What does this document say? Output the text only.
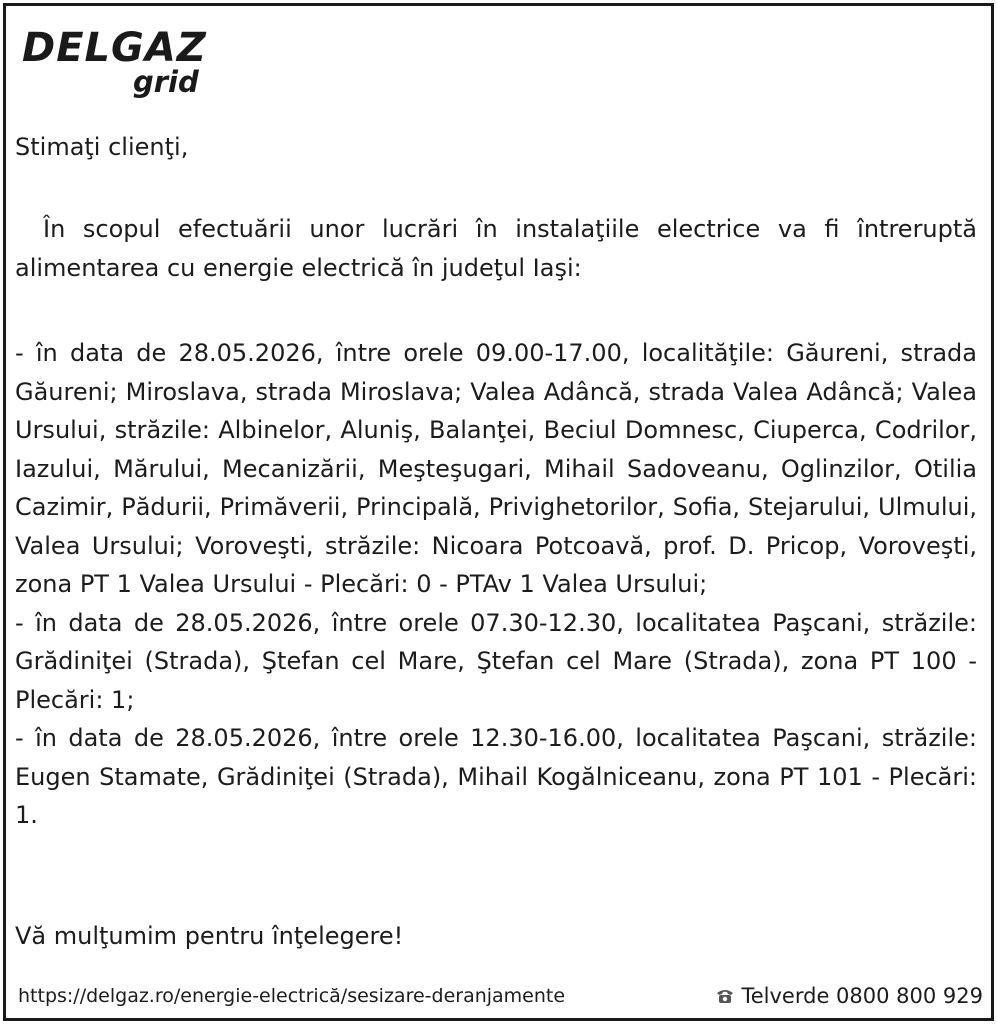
DELGAZ
grid
Stimaţi clienţi,
În scopul efectuării unor lucrări în instalaţiile electrice va fi întreruptă alimentarea cu energie electrică în judeţul Iaşi:

- în data de 28.05.2026, între orele 09.00-17.00, localităţile: Găureni, strada Găureni; Miroslava, strada Miroslava; Valea Adâncă, strada Valea Adâncă; Valea Ursului, străzile: Albinelor, Aluniş, Balanţei, Beciul Domnesc, Ciuperca, Codrilor, Iazului, Mărului, Mecanizării, Meşteşugari, Mihail Sadoveanu, Oglinzilor, Otilia Cazimir, Pădurii, Primăverii, Principală, Privighetorilor, Sofia, Stejarului, Ulmului, Valea Ursului; Voroveşti, străzile: Nicoara Potcoavă, prof. D. Pricop, Voroveşti, zona PT 1 Valea Ursului - Plecări: 0 - PTAv 1 Valea Ursului;

- în data de 28.05.2026, între orele 07.30-12.30, localitatea Paşcani, străzile: Grădiniţei (Strada), Ştefan cel Mare, Ştefan cel Mare (Strada), zona PT 100 - Plecări: 1;

- în data de 28.05.2026, între orele 12.30-16.00, localitatea Paşcani, străzile: Eugen Stamate, Grădiniţei (Strada), Mihail Kogălniceanu, zona PT 101 - Plecări: 1.

Vă mulţumim pentru înţelegere!
https://delgaz.ro/energie-electrică/sesizare-deranjamente	Telverde 0800 800 929
